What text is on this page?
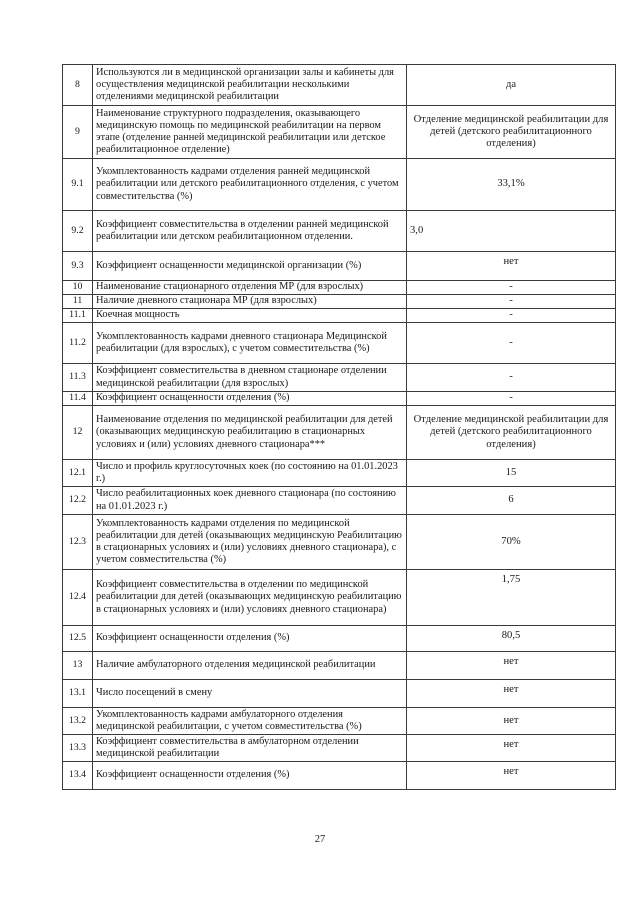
8	Используются ли в медицинской организации залы и кабинеты для осуществления медицинской реабилитации несколькими отделениями медицинской реабилитации	да
9	Наименование структурного подразделения, оказывающего медицинскую помощь по медицинской реабилитации на первом этапе (отделение ранней медицинской реабилитации или детское реабилитационное отделение)	Отделение медицинской реабилитации для детей (детского реабилитационного отделения)
9.1	Укомплектованность кадрами отделения ранней медицинской реабилитации или детского реабилитационного отделения, с учетом совместительства (%)	33,1%
9.2	Коэффициент совместительства в отделении ранней медицинской реабилитации или детском реабилитационном отделении.	3,0
9.3	Коэффициент оснащенности медицинской организации (%)	нет
10	Наименование стационарного отделения МР (для взрослых)	-
11	Наличие дневного стационара МР (для взрослых)	-
11.1	Коечная мощность	-
11.2	Укомплектованность кадрами дневного стационара Медицинской реабилитации (для взрослых), с учетом совместительства (%)	-
11.3	Коэффициент совместительства в дневном стационаре отделении медицинской реабилитации (для взрослых)	-
11.4	Коэффициент оснащенности отделения (%)	-
12	Наименование отделения по медицинской реабилитации для детей (оказывающих медицинскую реабилитацию в стационарных условиях и (или) условиях дневного стационара***	Отделение медицинской реабилитации для детей (детского реабилитационного отделения)
12.1	Число и профиль круглосуточных коек (по состоянию на 01.01.2023 г.)	15
12.2	Число реабилитационных коек дневного стационара (по состоянию на 01.01.2023 г.)	6
12.3	Укомплектованность кадрами отделения по медицинской реабилитации для детей (оказывающих медицинскую Реабилитацию в стационарных условиях и (или) условиях дневного стационара), с учетом совместительства (%)	70%
12.4	Коэффициент совместительства в отделении по медицинской реабилитации для детей (оказывающих медицинскую реабилитацию в стационарных условиях и (или) условиях дневного стационара)	1,75
12.5	Коэффициент оснащенности отделения (%)	80,5
13	Наличие амбулаторного отделения медицинской реабилитации	нет
13.1	Число посещений в смену	нет
13.2	Укомплектованность кадрами амбулаторного отделения медицинской реабилитации, с учетом совместительства (%)	нет
13.3	Коэффициент совместительства в амбулаторном отделении медицинской реабилитации	нет
13.4	Коэффициент оснащенности отделения (%)	нет
27
